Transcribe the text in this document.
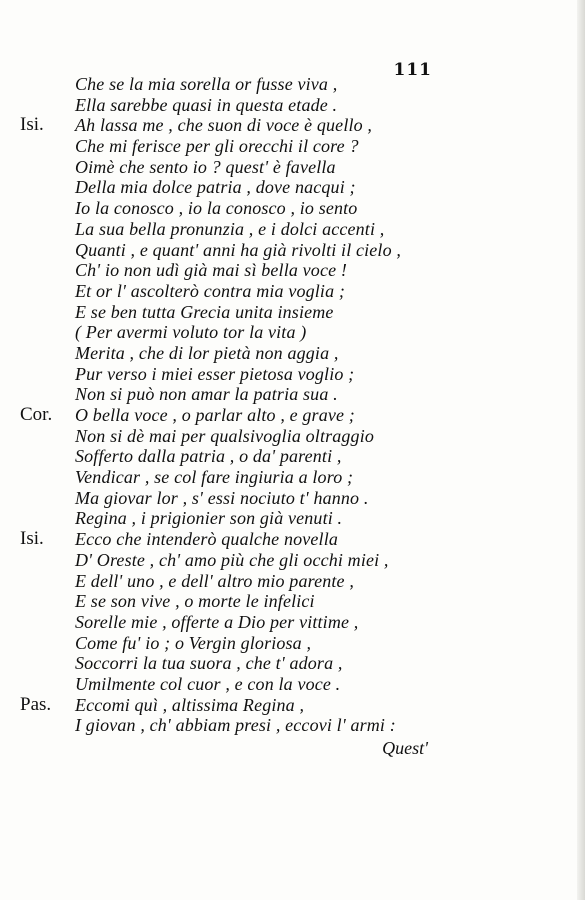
111
Che se la mia sorella or fusse viva ,
Ella sarebbe quasi in questa etade .
Isi. Ah lassa me , che suon di voce è quello ,
Che mi ferisce per gli orecchi il core ?
Oimè che sento io ? quest' è favella
Della mia dolce patria , dove nacqui ;
Io la conosco , io la conosco , io sento
La sua bella pronunzia , e i dolci accenti ,
Quanti , e quant' anni ha già rivolti il cielo ,
Ch' io non udì già mai sì bella voce !
Et or l' ascolterò contra mia voglia ;
E se ben tutta Grecia unita insieme
( Per avermi voluto tor la vita )
Merita , che di lor pietà non aggia ,
Pur verso i miei esser pietosa voglio ;
Non si può non amar la patria sua .
Cor. O bella voce , o parlar alto , e grave ;
Non si dè mai per qualsivoglia oltraggio
Sofferto dalla patria , o da' parenti ,
Vendicar , se col fare ingiuria a loro ;
Ma giovar lor , s' essi nociuto t' hanno .
Regina , i prigionier son già venuti .
Isi. Ecco che intenderò qualche novella
D' Oreste , ch' amo più che gli occhi miei ,
E dell' uno , e dell' altro mio parente ,
E se son vive , o morte le infelici
Sorelle mie , offerte a Dio per vittime ,
Come fu' io ; o Vergin gloriosa ,
Soccorri la tua suora , che t' adora ,
Umilmente col cuor , e con la voce .
Pas. Eccomi quì , altissima Regina ,
I giovan , ch' abbiam presi , eccovi l' armi :
Quest'
